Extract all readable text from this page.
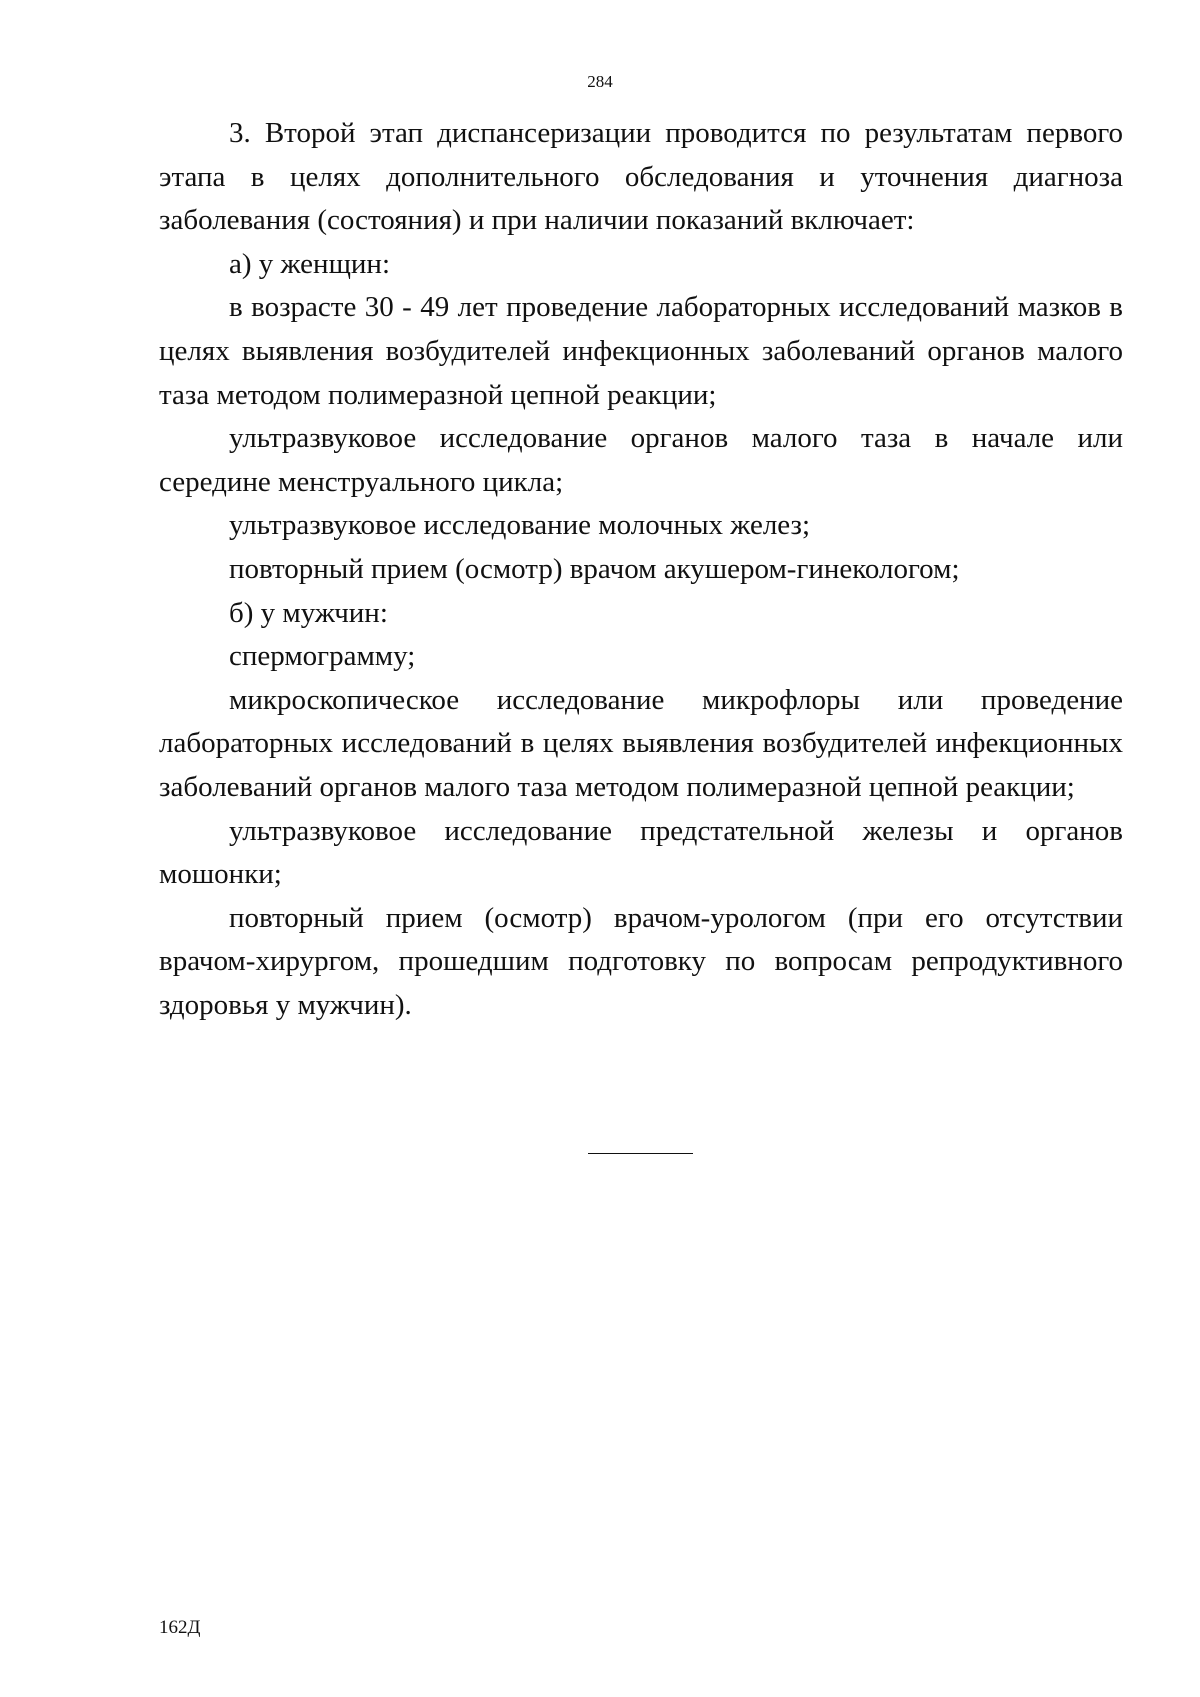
284

3. Второй этап диспансеризации проводится по результатам первого этапа в целях дополнительного обследования и уточнения диагноза заболевания (состояния) и при наличии показаний включает:

а) у женщин:

в возрасте 30 - 49 лет проведение лабораторных исследований мазков в целях выявления возбудителей инфекционных заболеваний органов малого таза методом полимеразной цепной реакции;

ультразвуковое исследование органов малого таза в начале или середине менструального цикла;

ультразвуковое исследование молочных желез;

повторный прием (осмотр) врачом акушером-гинекологом;

б) у мужчин:

спермограмму;

микроскопическое исследование микрофлоры или проведение лабораторных исследований в целях выявления возбудителей инфекционных заболеваний органов малого таза методом полимеразной цепной реакции;

ультразвуковое исследование предстательной железы и органов мошонки;

повторный прием (осмотр) врачом-урологом (при его отсутствии врачом-хирургом, прошедшим подготовку по вопросам репродуктивного здоровья у мужчин).

162Д
